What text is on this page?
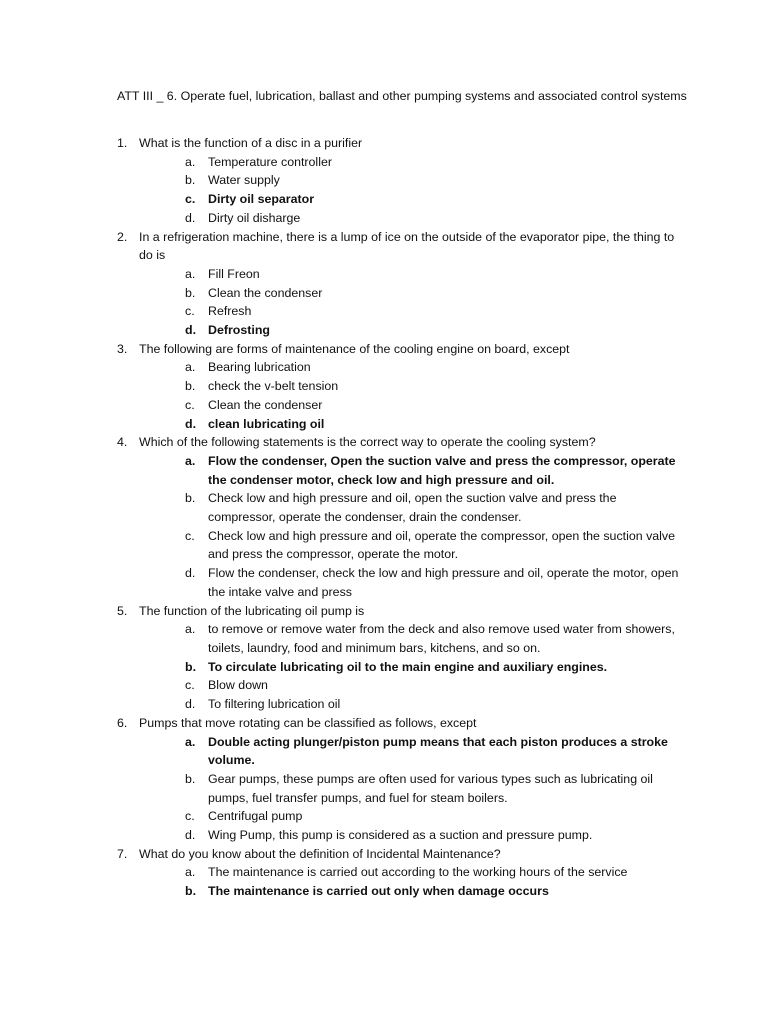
ATT III _ 6. Operate fuel, lubrication, ballast and other pumping systems and associated control systems
1. What is the function of a disc in a purifier
a.	Temperature controller
b.	Water supply
c.	Dirty oil separator
d.	Dirty oil disharge
2. In a refrigeration machine, there is a lump of ice on the outside of the evaporator pipe, the thing to do is
a.	Fill Freon
b.	Clean the condenser
c.	Refresh
d. Defrosting
3. The following are forms of maintenance of the cooling engine on board, except
a.	Bearing lubrication
b.	check the v-belt tension
c.	Clean the condenser
d. clean lubricating oil
4. Which of the following statements is the correct way to operate the cooling system?
a.	Flow the condenser, Open the suction valve and press the compressor, operate the condenser motor, check low and high pressure and oil.
b.	Check low and high pressure and oil, open the suction valve and press the compressor, operate the condenser, drain the condenser.
c.	Check low and high pressure and oil, operate the compressor, open the suction valve and press the compressor, operate the motor.
d.	Flow the condenser, check the low and high pressure and oil, operate the motor, open the intake valve and press
5. The function of the lubricating oil pump is
a.	to remove or remove water from the deck and also remove used water from showers, toilets, laundry, food and minimum bars, kitchens, and so on.
b. To circulate lubricating oil to the main engine and auxiliary engines.
c.	Blow down
d.	To filtering lubrication oil
6. Pumps that move rotating can be classified as follows, except
a.	Double acting plunger/piston pump means that each piston produces a stroke volume.
b.	Gear pumps, these pumps are often used for various types such as lubricating oil pumps, fuel transfer pumps, and fuel for steam boilers.
c.	Centrifugal pump
d.	Wing Pump, this pump is considered as a suction and pressure pump.
7. What do you know about the definition of Incidental Maintenance?
a.	The maintenance is carried out according to the working hours of the service
b. The maintenance is carried out only when damage occurs
